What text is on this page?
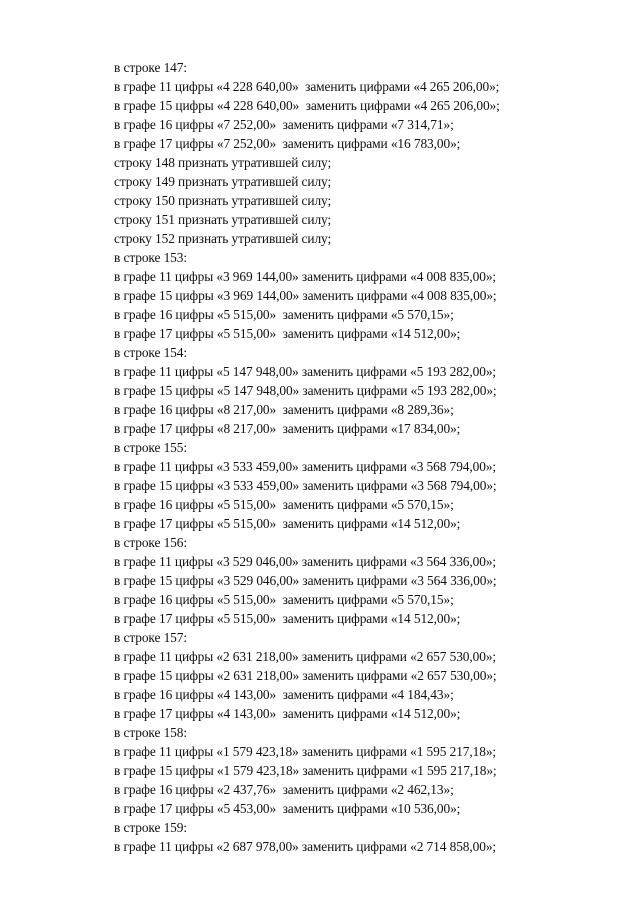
в строке 147:
в графе 11 цифры «4 228 640,00»  заменить цифрами «4 265 206,00»;
в графе 15 цифры «4 228 640,00»  заменить цифрами «4 265 206,00»;
в графе 16 цифры «7 252,00»  заменить цифрами «7 314,71»;
в графе 17 цифры «7 252,00»  заменить цифрами «16 783,00»;
строку 148 признать утратившей силу;
строку 149 признать утратившей силу;
строку 150 признать утратившей силу;
строку 151 признать утратившей силу;
строку 152 признать утратившей силу;
в строке 153:
в графе 11 цифры «3 969 144,00» заменить цифрами «4 008 835,00»;
в графе 15 цифры «3 969 144,00» заменить цифрами «4 008 835,00»;
в графе 16 цифры «5 515,00»  заменить цифрами «5 570,15»;
в графе 17 цифры «5 515,00»  заменить цифрами «14 512,00»;
в строке 154:
в графе 11 цифры «5 147 948,00» заменить цифрами «5 193 282,00»;
в графе 15 цифры «5 147 948,00» заменить цифрами «5 193 282,00»;
в графе 16 цифры «8 217,00»  заменить цифрами «8 289,36»;
в графе 17 цифры «8 217,00»  заменить цифрами «17 834,00»;
в строке 155:
в графе 11 цифры «3 533 459,00» заменить цифрами «3 568 794,00»;
в графе 15 цифры «3 533 459,00» заменить цифрами «3 568 794,00»;
в графе 16 цифры «5 515,00»  заменить цифрами «5 570,15»;
в графе 17 цифры «5 515,00»  заменить цифрами «14 512,00»;
в строке 156:
в графе 11 цифры «3 529 046,00» заменить цифрами «3 564 336,00»;
в графе 15 цифры «3 529 046,00» заменить цифрами «3 564 336,00»;
в графе 16 цифры «5 515,00»  заменить цифрами «5 570,15»;
в графе 17 цифры «5 515,00»  заменить цифрами «14 512,00»;
в строке 157:
в графе 11 цифры «2 631 218,00» заменить цифрами «2 657 530,00»;
в графе 15 цифры «2 631 218,00» заменить цифрами «2 657 530,00»;
в графе 16 цифры «4 143,00»  заменить цифрами «4 184,43»;
в графе 17 цифры «4 143,00»  заменить цифрами «14 512,00»;
в строке 158:
в графе 11 цифры «1 579 423,18» заменить цифрами «1 595 217,18»;
в графе 15 цифры «1 579 423,18» заменить цифрами «1 595 217,18»;
в графе 16 цифры «2 437,76»  заменить цифрами «2 462,13»;
в графе 17 цифры «5 453,00»  заменить цифрами «10 536,00»;
в строке 159:
в графе 11 цифры «2 687 978,00» заменить цифрами «2 714 858,00»;
